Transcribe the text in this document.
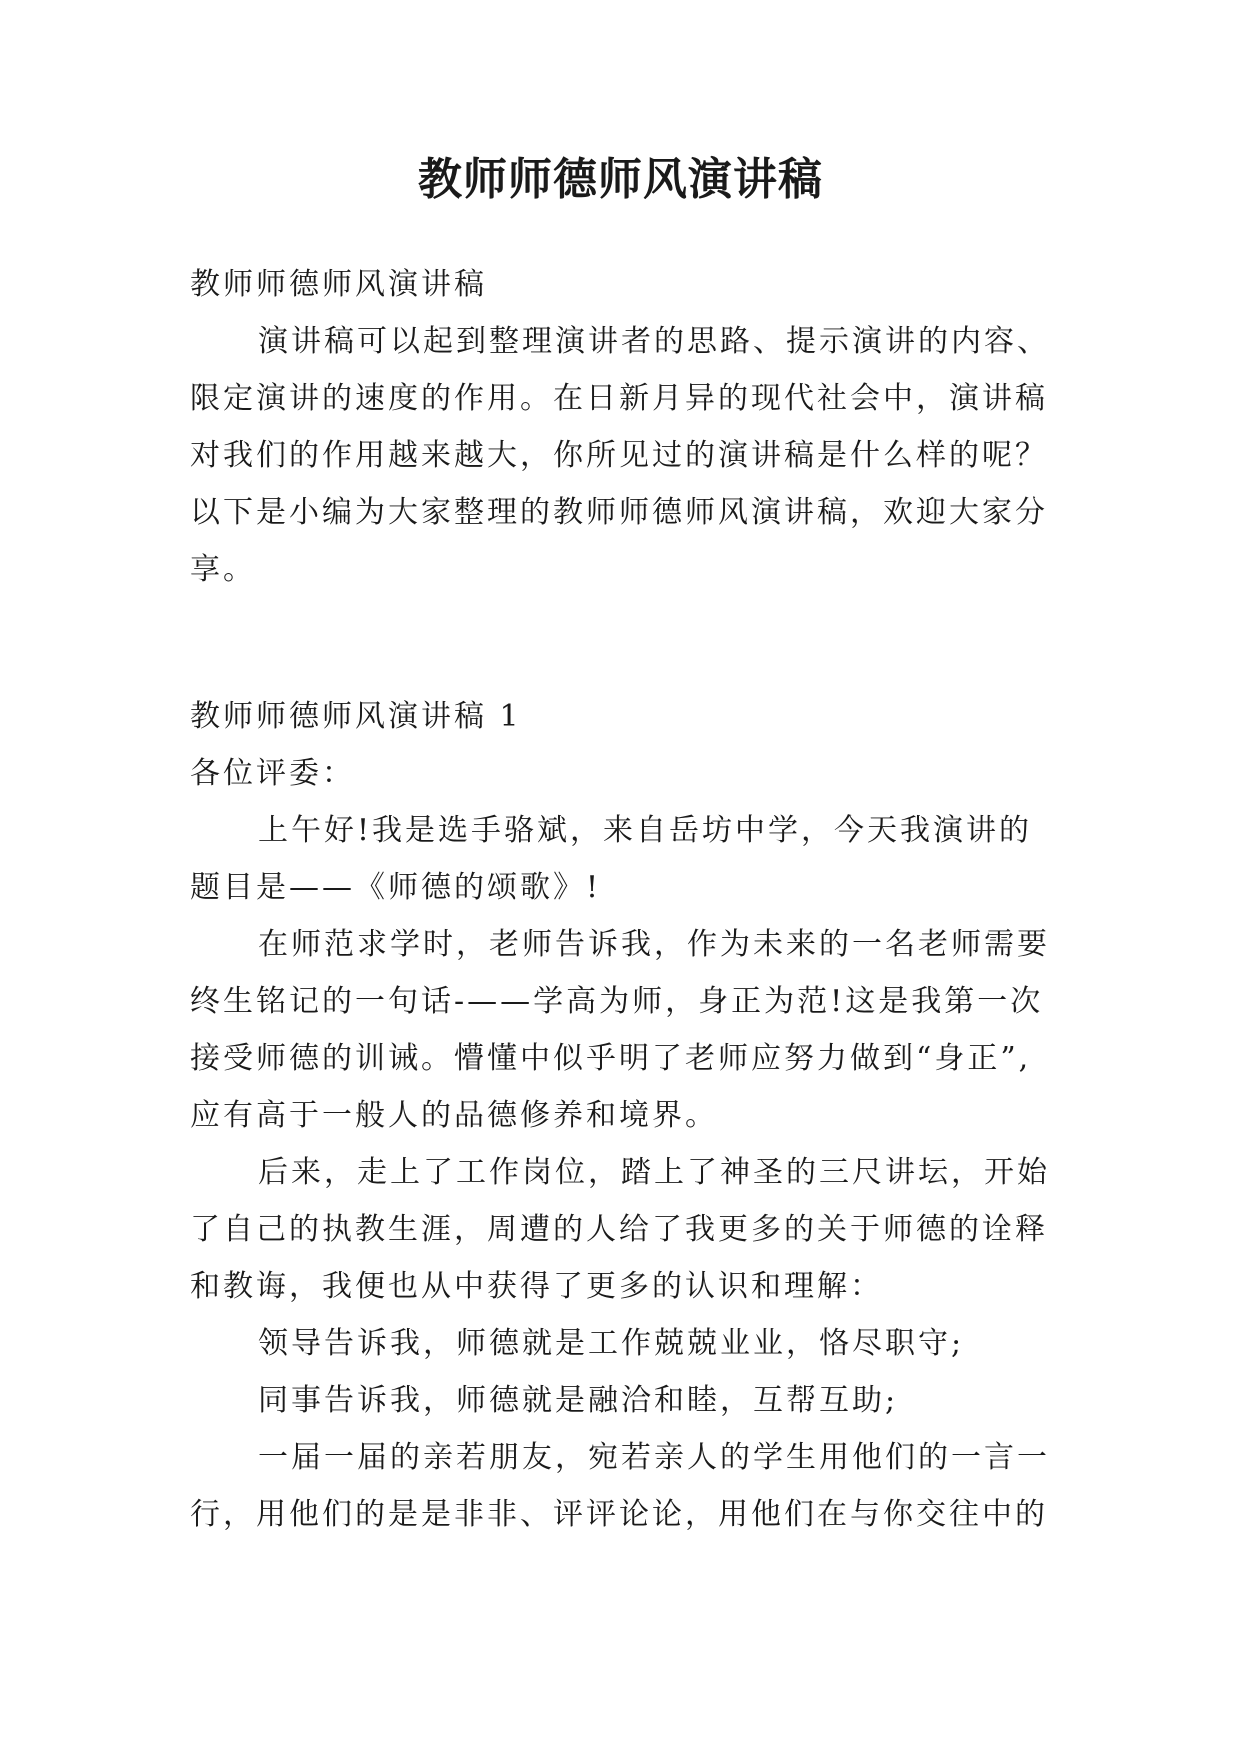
教师师德师风演讲稿
教师师德师风演讲稿
演讲稿可以起到整理演讲者的思路、提示演讲的内容、
限定演讲的速度的作用。在日新月异的现代社会中，演讲稿
对我们的作用越来越大，你所见过的演讲稿是什么样的呢？
以下是小编为大家整理的教师师德师风演讲稿，欢迎大家分
享。
教师师德师风演讲稿 1
各位评委：
上午好!我是选手骆斌，来自岳坊中学，今天我演讲的
题目是——《师德的颂歌》!
在师范求学时，老师告诉我，作为未来的一名老师需要
终生铭记的一句话-——学高为师，身正为范!这是我第一次
接受师德的训诫。懵懂中似乎明了老师应努力做到“身正”,
应有高于一般人的品德修养和境界。
后来，走上了工作岗位，踏上了神圣的三尺讲坛，开始
了自己的执教生涯，周遭的人给了我更多的关于师德的诠释
和教诲，我便也从中获得了更多的认识和理解：
领导告诉我，师德就是工作兢兢业业，恪尽职守;
同事告诉我，师德就是融洽和睦，互帮互助;
一届一届的亲若朋友，宛若亲人的学生用他们的一言一
行，用他们的是是非非、评评论论，用他们在与你交往中的
